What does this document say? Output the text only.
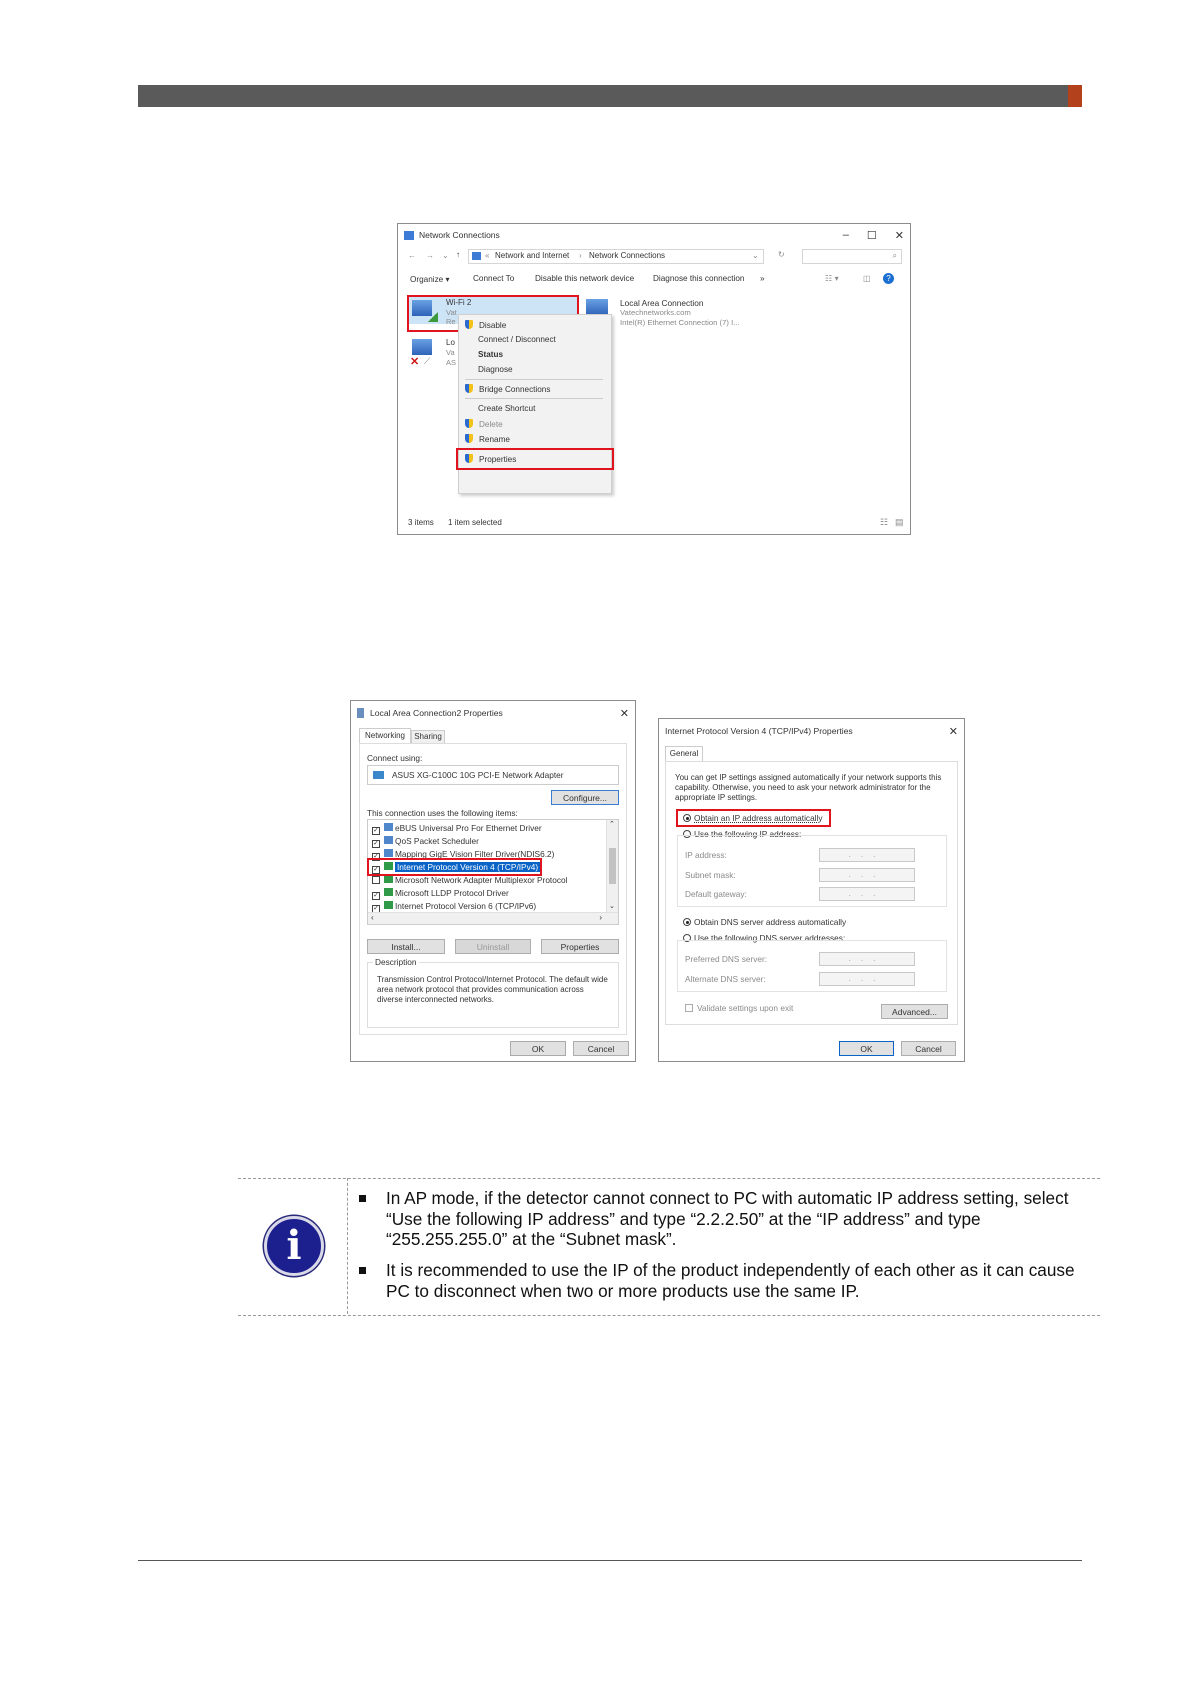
Network Connections	– ☐ ✕
← → ⌄ ↑	« Network and Internet › Network Connections	⌄ ↻	⌕
Organize ▾	Connect To	Disable this network device Diagnose this connection »	☷ ▾	◫	?
Wi-Fi 2
Vat
Re
✕ ⟋
Lo
Va
AS
Local Area Connection
Vatechnetworks.com
Intel(R) Ethernet Connection (7) I...
Disable
Connect / Disconnect
Status
Diagnose
Bridge Connections
Create Shortcut
Delete
Rename
Properties
3 items 1 item selected	☷ ▤
Local Area Connection2 Properties	✕
Networking	Sharing
Connect using:
ASUS XG-C100C 10G PCI-E Network Adapter
Configure...
This connection uses the following items:
✓ eBUS Universal Pro For Ethernet Driver
✓ QoS Packet Scheduler
✓ Mapping GigE Vision Filter Driver(NDIS6.2)
✓ Internet Protocol Version 4 (TCP/IPv4)
Microsoft Network Adapter Multiplexor Protocol
✓ Microsoft LLDP Protocol Driver
✓ Internet Protocol Version 6 (TCP/IPv6)
⌃
⌄
‹	›
Install...	Uninstall	Properties
Description
Transmission Control Protocol/Internet Protocol. The default wide area network protocol that provides communication across diverse interconnected networks.
OK	Cancel
Internet Protocol Version 4 (TCP/IPv4) Properties	✕
General
You can get IP settings assigned automatically if your network supports this capability. Otherwise, you need to ask your network administrator for the appropriate IP settings.
Obtain an IP address automatically
Use the following IP address:
IP address:	...
Subnet mask:	...
Default gateway:	...
Obtain DNS server address automatically
Use the following DNS server addresses:
Preferred DNS server:	...
Alternate DNS server:	...
Validate settings upon exit	Advanced...
OK	Cancel
i
In AP mode, if the detector cannot connect to PC with automatic IP address setting, select “Use the following IP address” and type “2.2.2.50” at the “IP address” and type “255.255.255.0” at the “Subnet mask”.
It is recommended to use the IP of the product independently of each other as it can cause PC to disconnect when two or more products use the same IP.
